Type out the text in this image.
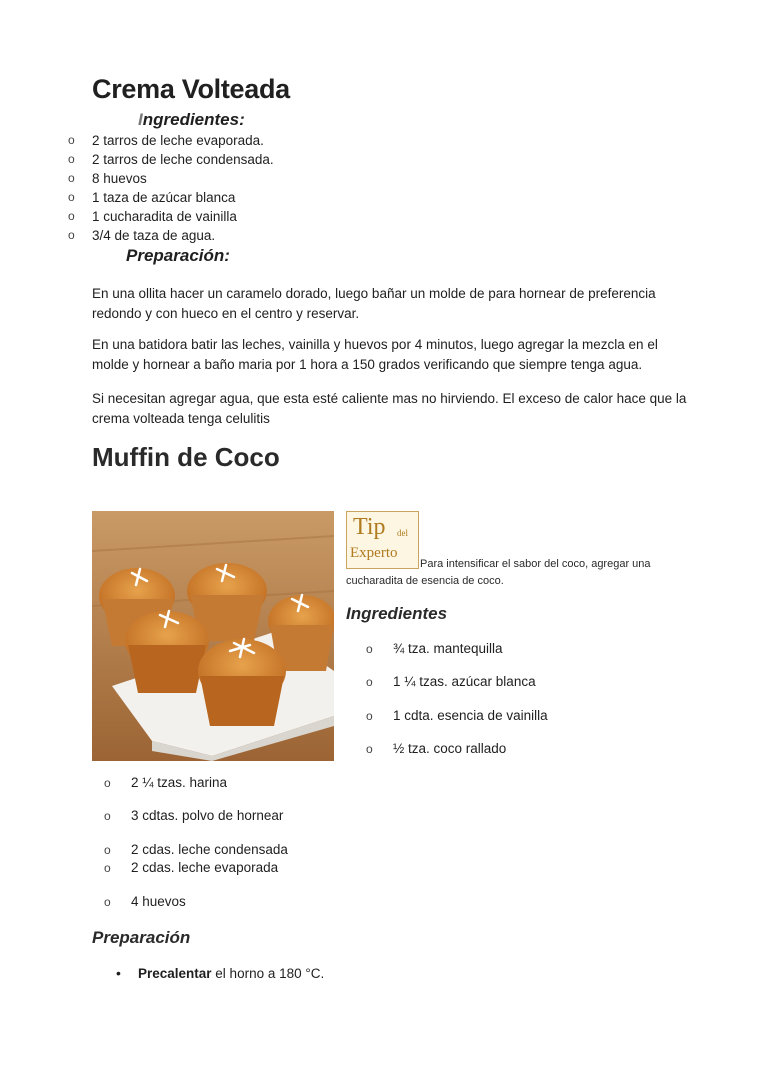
Crema Volteada
Ingredientes:
o 2 tarros de leche evaporada.
o 2 tarros de leche condensada.
o 8 huevos
o 1 taza de azúcar blanca
o 1 cucharadita de vainilla
o 3/4 de taza de agua.
Preparación:
En una ollita hacer un caramelo dorado, luego bañar un molde de para hornear de preferencia redondo y con hueco en el centro y reservar.
En una batidora batir las leches, vainilla y huevos por 4 minutos, luego agregar la mezcla en el molde y hornear a baño maria por 1 hora a 150 grados verificando que siempre tenga agua.
Si necesitan agregar agua, que esta esté caliente mas no hirviendo. El exceso de calor hace que la crema volteada tenga celulitis
Muffin de Coco
Tip del
Experto
Para intensificar el sabor del coco, agregar una
cucharadita de esencia de coco.
Ingredientes
o ¾ tza. mantequilla
o 1 ¼ tzas. azúcar blanca
o 1 cdta. esencia de vainilla
o ½ tza. coco rallado
o 2 ¼ tzas. harina
o 3 cdtas. polvo de hornear
o 2 cdas. leche condensada
o 2 cdas. leche evaporada
o 4 huevos
Preparación
• Precalentar el horno a 180 °C.
